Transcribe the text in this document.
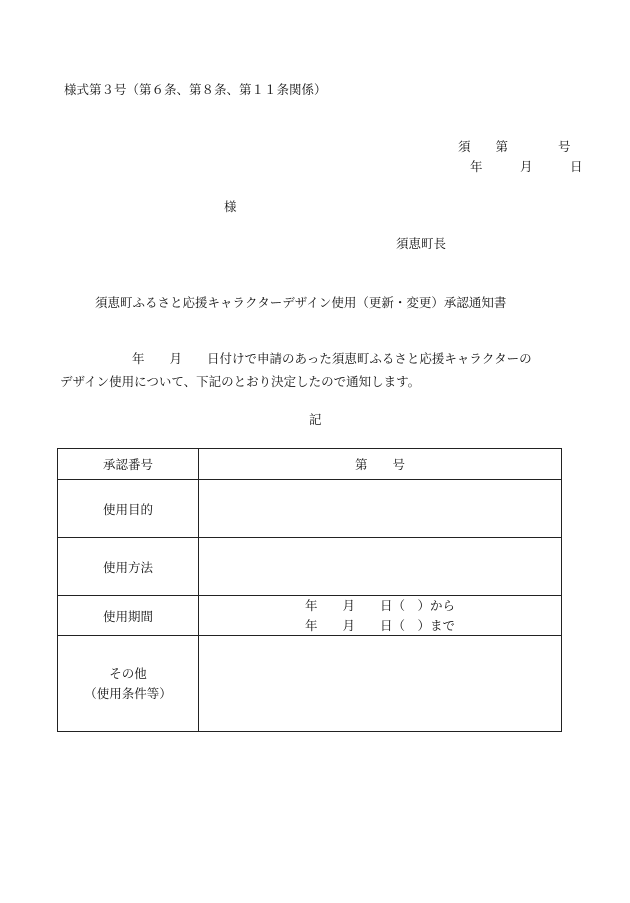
様式第３号（第６条、第８条、第１１条関係）
須　　第　　　　号
年　　　月　　　日
様
須恵町長
須恵町ふるさと応援キャラクターデザイン使用（更新・変更）承認通知書
年　　月　　日付けで申請のあった須恵町ふるさと応援キャラクターの
デザイン使用について、下記のとおり決定したので通知します。
記
承認番号	第　　号
使用目的	
使用方法	
使用期間	年　　月　　日（　）から
年　　月　　日（　）まで

その他
（使用条件等）	
